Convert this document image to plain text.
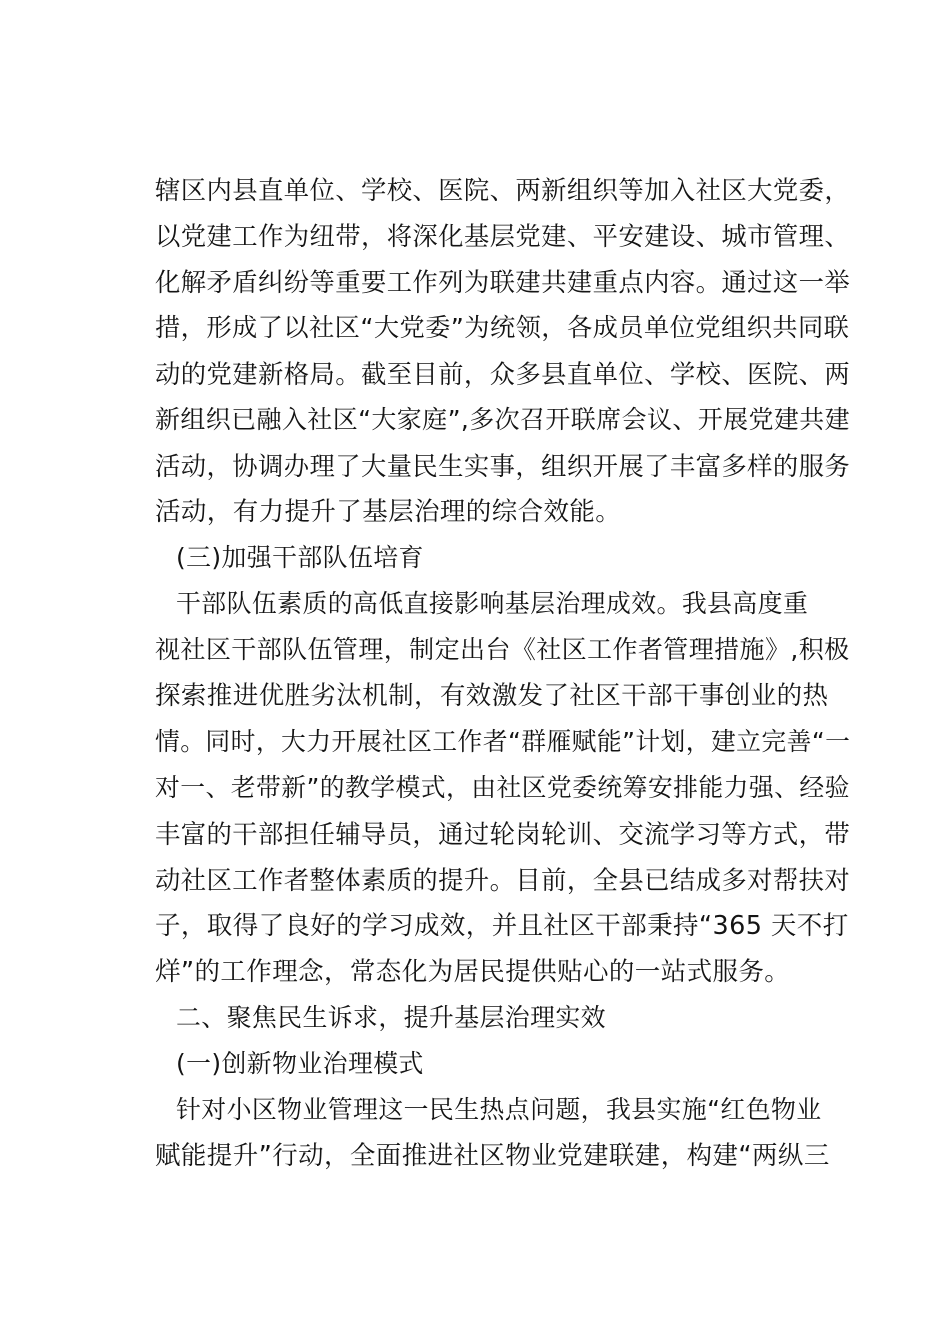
辖区内县直单位、学校、医院、两新组织等加入社区大党委，
以党建工作为纽带，将深化基层党建、平安建设、城市管理、
化解矛盾纠纷等重要工作列为联建共建重点内容。通过这一举
措，形成了以社区“大党委”为统领，各成员单位党组织共同联
动的党建新格局。截至目前，众多县直单位、学校、医院、两
新组织已融入社区“大家庭”,多次召开联席会议、开展党建共建
活动，协调办理了大量民生实事，组织开展了丰富多样的服务
活动，有力提升了基层治理的综合效能。
(三)加强干部队伍培育
干部队伍素质的高低直接影响基层治理成效。我县高度重
视社区干部队伍管理，制定出台《社区工作者管理措施》,积极
探索推进优胜劣汰机制，有效激发了社区干部干事创业的热
情。同时，大力开展社区工作者“群雁赋能”计划，建立完善“一
对一、老带新”的教学模式，由社区党委统筹安排能力强、经验
丰富的干部担任辅导员，通过轮岗轮训、交流学习等方式，带
动社区工作者整体素质的提升。目前，全县已结成多对帮扶对
子，取得了良好的学习成效，并且社区干部秉持“365 天不打
烊”的工作理念，常态化为居民提供贴心的一站式服务。
二、聚焦民生诉求，提升基层治理实效
(一)创新物业治理模式
针对小区物业管理这一民生热点问题，我县实施“红色物业
赋能提升”行动，全面推进社区物业党建联建，构建“两纵三
